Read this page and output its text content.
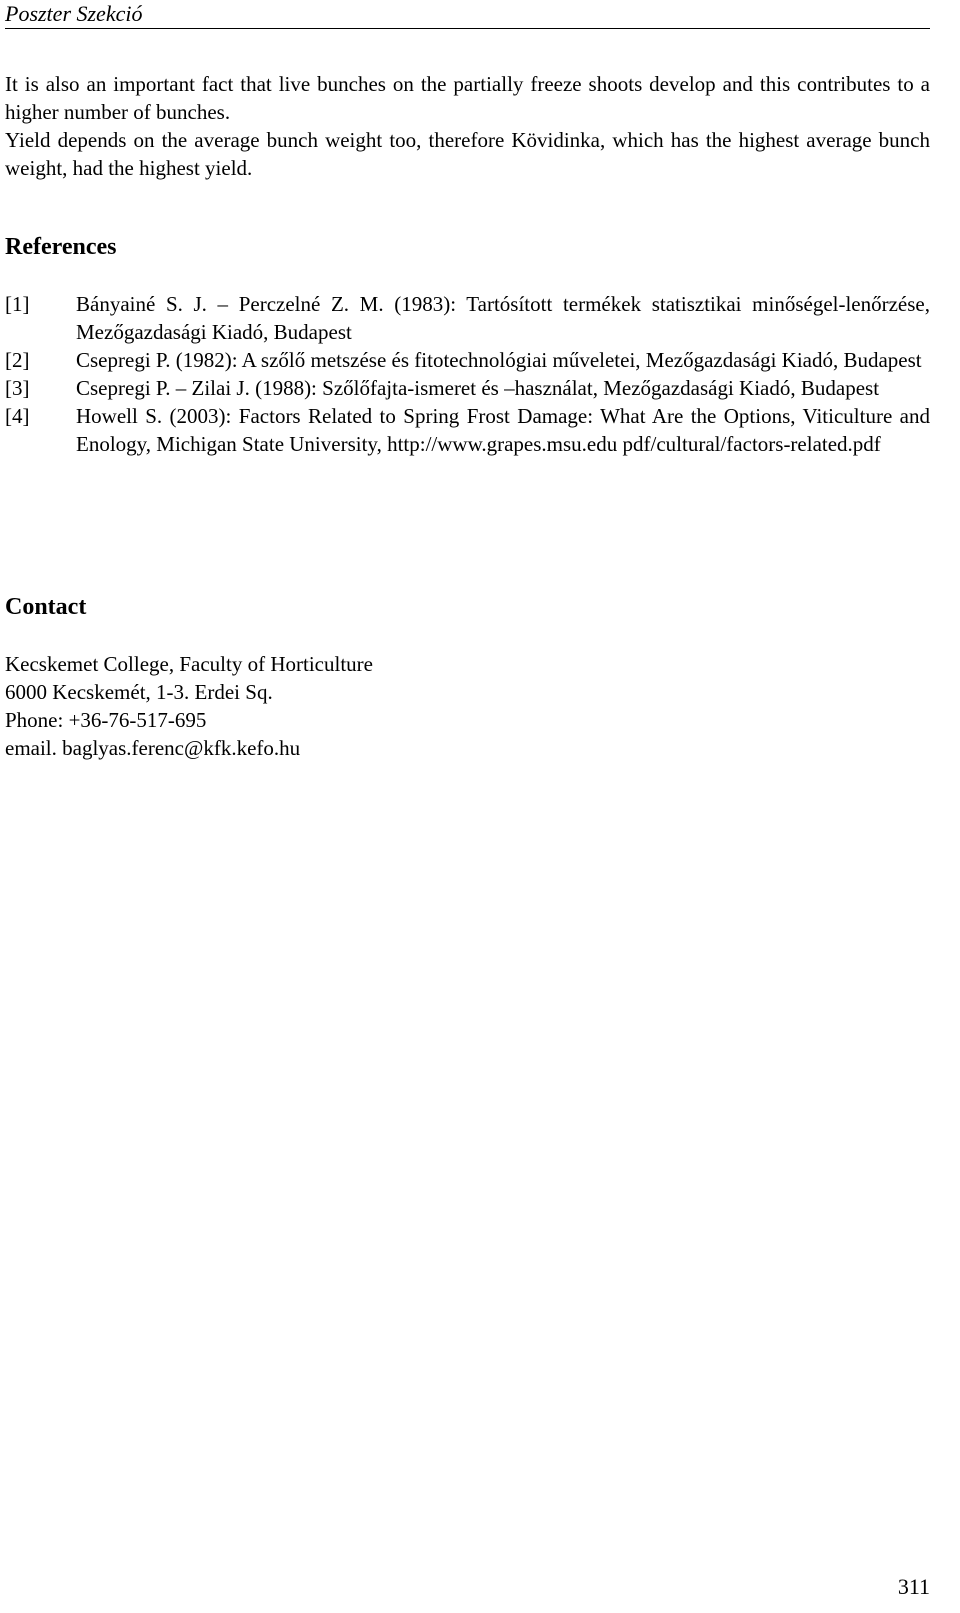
Poszter Szekció

It is also an important fact that live bunches on the partially freeze shoots develop and this contributes to a higher number of bunches.

Yield depends on the average bunch weight too, therefore Kövidinka, which has the highest average bunch weight, had the highest yield.

References
[1]	Bányainé S. J. – Perczelné Z. M. (1983): Tartósított termékek statisztikai minőségel-lenőrzése, Mezőgazdasági Kiadó, Budapest
[2]	Csepregi P. (1982): A szőlő metszése és fitotechnológiai műveletei, Mezőgazdasági Kiadó, Budapest
[3]	Csepregi P. – Zilai J. (1988): Szőlőfajta-ismeret és –használat, Mezőgazdasági Kiadó, Budapest
[4]	Howell S. (2003): Factors Related to Spring Frost Damage: What Are the Options, Viticulture and Enology, Michigan State University, http://www.grapes.msu.edu pdf/cultural/factors-related.pdf
Contact
Kecskemet College, Faculty of Horticulture
6000 Kecskemét, 1-3. Erdei Sq.
Phone: +36-76-517-695
email. baglyas.ferenc@kfk.kefo.hu
311
